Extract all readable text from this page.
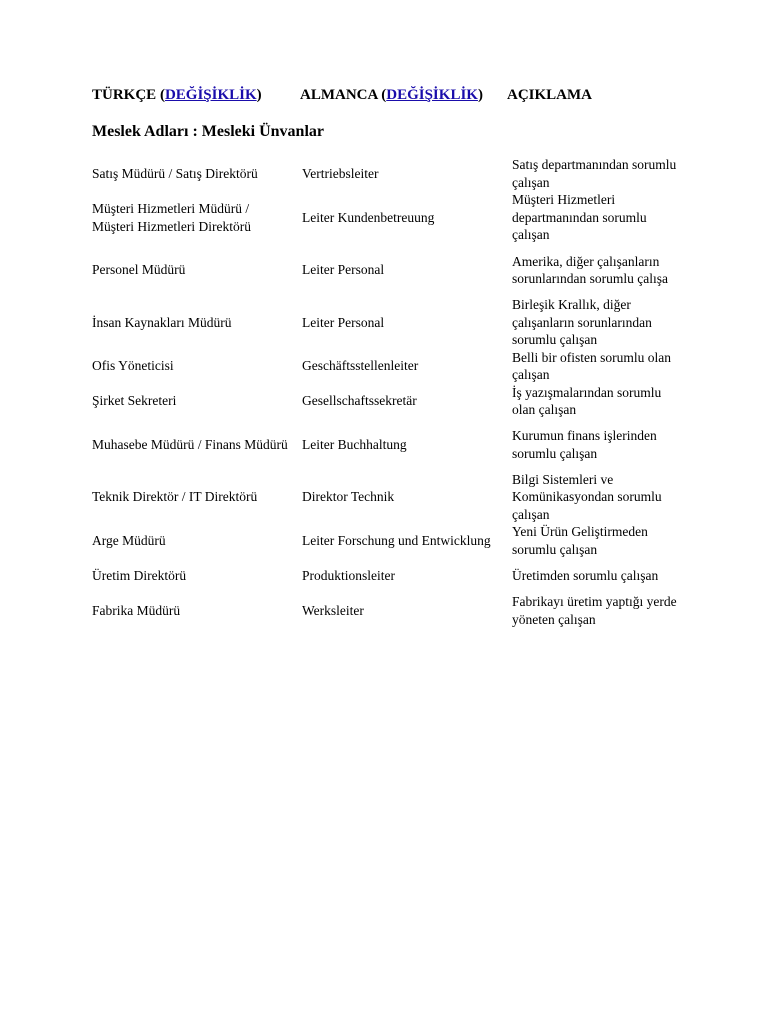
TÜRKÇE (DEĞİŞİKLİK)	ALMANCA (DEĞİŞİKLİK) AÇIKLAMA
Meslek Adları : Mesleki Ünvanlar
Satış Müdürü / Satış Direktörü	Vertriebsleiter	Satış departmanından sorumlu çalışan
Müşteri Hizmetleri Müdürü / Müşteri Hizmetleri Direktörü	Leiter Kundenbetreuung	Müşteri Hizmetleri departmanından sorumlu çalışan
Personel Müdürü	Leiter Personal	Amerika, diğer çalışanların sorunlarından sorumlu çalışa
İnsan Kaynakları Müdürü	Leiter Personal	Birleşik Krallık, diğer çalışanların sorunlarından sorumlu çalışan
Ofis Yöneticisi	Geschäftsstellenleiter	Belli bir ofisten sorumlu olan çalışan
Şirket Sekreteri	Gesellschaftssekretär	İş yazışmalarından sorumlu olan çalışan
Muhasebe Müdürü / Finans Müdürü	Leiter Buchhaltung	Kurumun finans işlerinden sorumlu çalışan
Teknik Direktör / IT Direktörü	Direktor Technik	Bilgi Sistemleri ve Komünikasyondan sorumlu çalışan
Arge Müdürü	Leiter Forschung und Entwicklung	Yeni Ürün Geliştirmeden sorumlu çalışan
Üretim Direktörü	Produktionsleiter	Üretimden sorumlu çalışan
Fabrika Müdürü	Werksleiter	Fabrikayı üretim yaptığı yerde yöneten çalışan
